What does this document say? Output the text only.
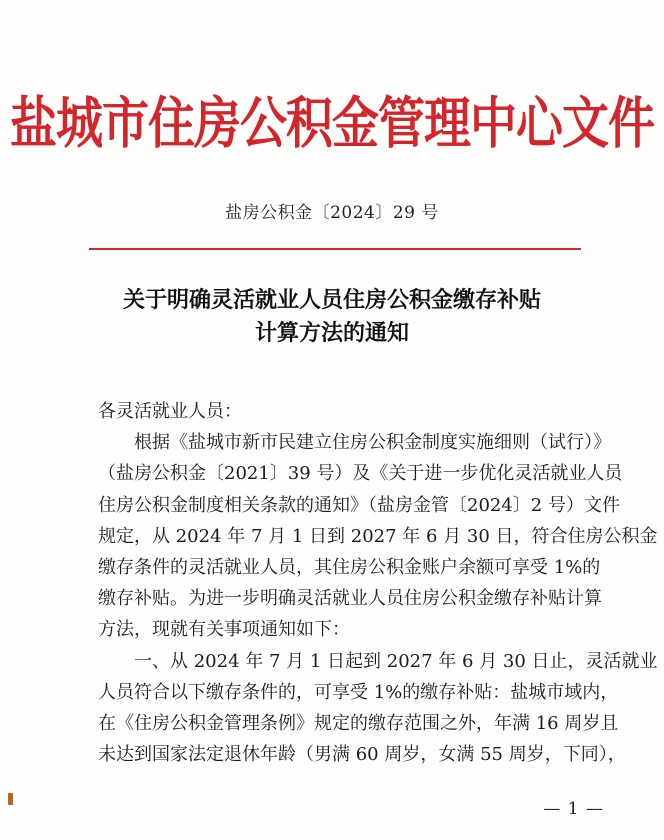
盐城市住房公积金管理中心文件
盐房公积金〔2024〕29 号
关于明确灵活就业人员住房公积金缴存补贴
计算方法的通知
各灵活就业人员：
根据《盐城市新市民建立住房公积金制度实施细则（试行）》
（盐房公积金〔2021〕39 号）及《关于进一步优化灵活就业人员
住房公积金制度相关条款的通知》（盐房金管〔2024〕2 号）文件
规定，从 2024 年 7 月 1 日到 2027 年 6 月 30 日，符合住房公积金
缴存条件的灵活就业人员，其住房公积金账户余额可享受 1%的
缴存补贴。为进一步明确灵活就业人员住房公积金缴存补贴计算
方法，现就有关事项通知如下：
一、从 2024 年 7 月 1 日起到 2027 年 6 月 30 日止，灵活就业
人员符合以下缴存条件的，可享受 1%的缴存补贴：盐城市域内，
在《住房公积金管理条例》规定的缴存范围之外，年满 16 周岁且
未达到国家法定退休年龄（男满 60 周岁，女满 55 周岁，下同），
— 1 —
